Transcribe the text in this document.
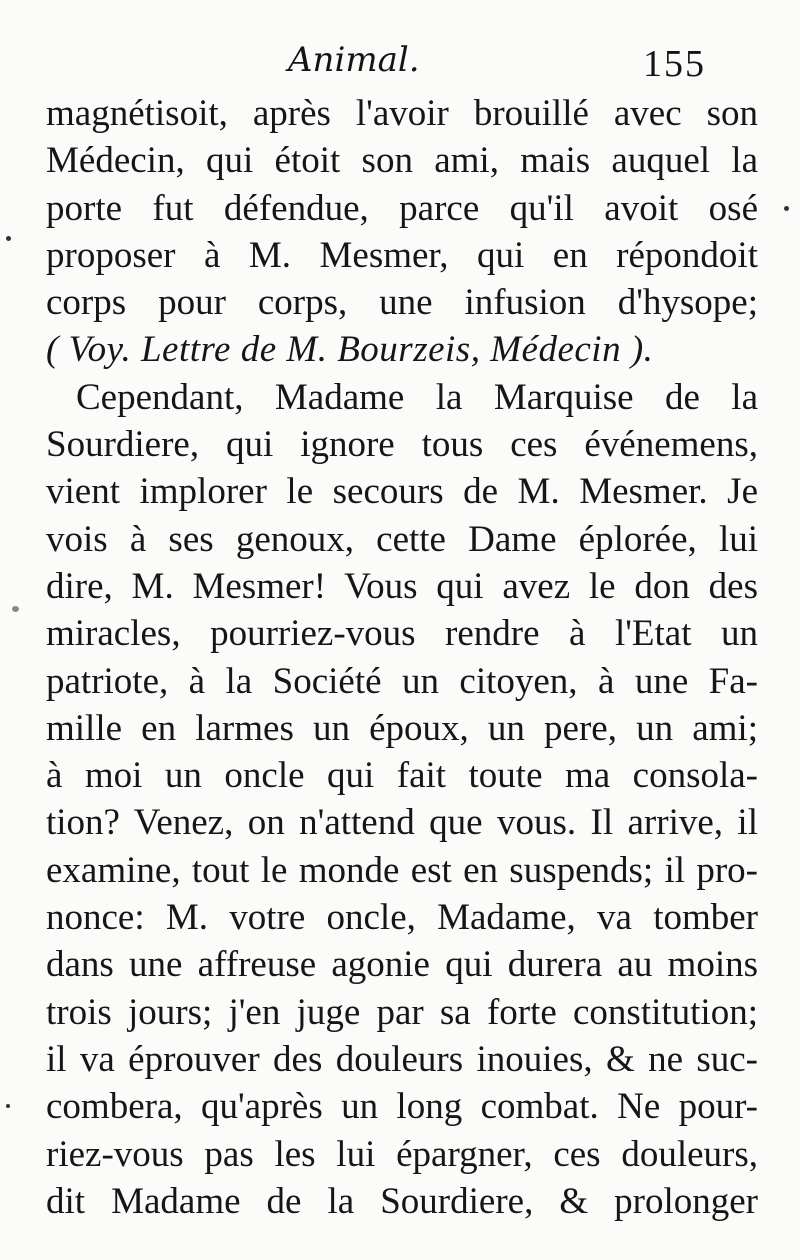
Animal.	155
magnétisoit, après l'avoir brouillé avec son
Médecin, qui étoit son ami, mais auquel la
porte fut défendue, parce qu'il avoit osé
proposer à M. Mesmer, qui en répondoit
corps pour corps, une infusion d'hysope;
( Voy. Lettre de M. Bourzeis, Médecin ).
Cependant, Madame la Marquise de la
Sourdiere, qui ignore tous ces événemens,
vient implorer le secours de M. Mesmer. Je
vois à ses genoux, cette Dame éplorée, lui
dire, M. Mesmer! Vous qui avez le don des
miracles, pourriez-vous rendre à l'Etat un
patriote, à la Société un citoyen, à une Fa-
mille en larmes un époux, un pere, un ami;
à moi un oncle qui fait toute ma consola-
tion? Venez, on n'attend que vous. Il arrive, il
examine, tout le monde est en suspends; il pro-
nonce: M. votre oncle, Madame, va tomber
dans une affreuse agonie qui durera au moins
trois jours; j'en juge par sa forte constitution;
il va éprouver des douleurs inouies, & ne suc-
combera, qu'après un long combat. Ne pour-
riez-vous pas les lui épargner, ces douleurs,
dit Madame de la Sourdiere, & prolonger
